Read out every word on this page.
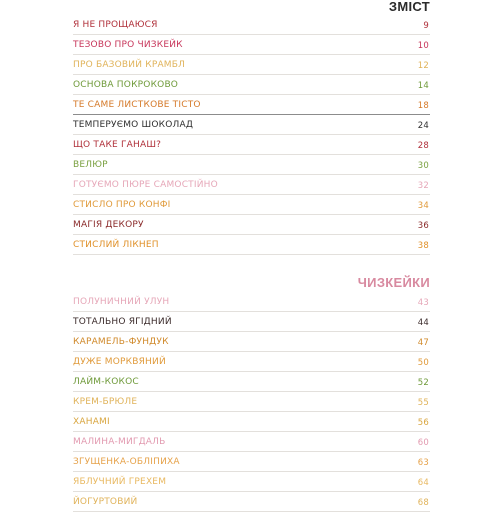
ЗМІСТ
Я НЕ ПРОЩАЮСЯ	9
ТЕЗОВО ПРО ЧИЗКЕЙК	10
ПРО БАЗОВИЙ КРАМБЛ	12
ОСНОВА ПОКРОКОВО	14
ТЕ САМЕ ЛИСТКОВЕ ТІСТО	18
ТЕМПЕРУЄМО ШОКОЛАД	24
ЩО ТАКЕ ГАНАШ?	28
ВЕЛЮР	30
ГОТУЄМО ПЮРЕ САМОСТІЙНО	32
СТИСЛО ПРО КОНФІ	34
МАГІЯ ДЕКОРУ	36
СТИСЛИЙ ЛІКНЕП	38
ЧИЗКЕЙКИ
ПОЛУНИЧНИЙ УЛУН	43
ТОТАЛЬНО ЯГІДНИЙ	44
КАРАМЕЛЬ-ФУНДУК	47
ДУЖЕ МОРКВЯНИЙ	50
ЛАЙМ-КОКОС	52
КРЕМ-БРЮЛЕ	55
ХАНАМІ	56
МАЛИНА-МИГДАЛЬ	60
ЗГУЩЕНКА-ОБЛІПИХА	63
ЯБЛУЧНИЙ ГРЕХЕМ	64
ЙОГУРТОВИЙ	68
